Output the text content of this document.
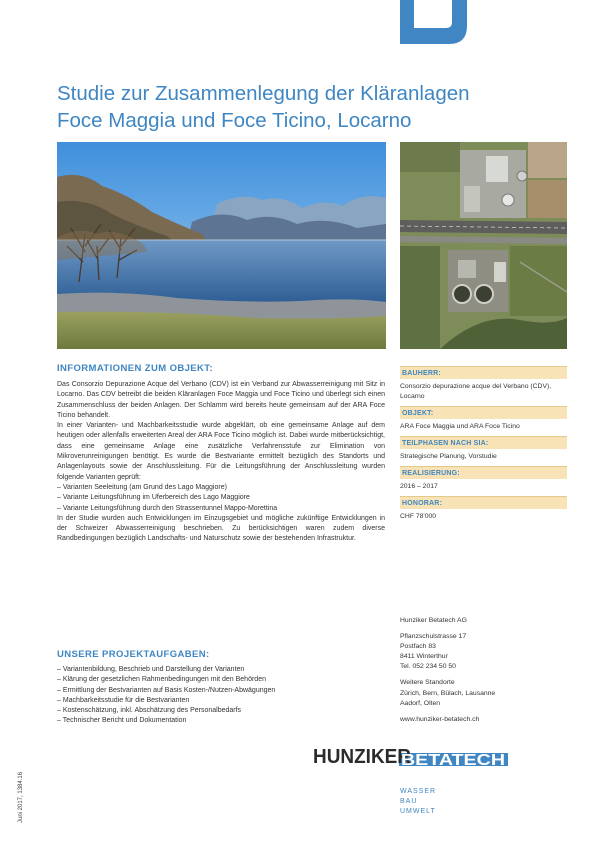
Studie zur Zusammenlegung der Kläranlagen
Foce Maggia und Foce Ticino, Locarno
INFORMATIONEN ZUM OBJEKT:

Das Consorzio Depurazione Acque del Verbano (CDV) ist ein Verband zur Abwasserreinigung mit Sitz in Locarno. Das CDV betreibt die beiden Kläranlagen Foce Maggia und Foce Ticino und überlegt sich einen Zusammenschluss der beiden Anlagen. Der Schlamm wird bereits heute gemeinsam auf der ARA Foce Ticino behandelt.

In einer Varianten- und Machbarkeitsstudie wurde abgeklärt, ob eine gemeinsame Anlage auf dem heutigen oder allenfalls erweiterten Areal der ARA Foce Ticino möglich ist. Dabei wurde mitberücksichtigt, dass eine gemeinsame Anlage eine zusätzliche Verfahrensstufe zur Elimination von Mikroverunreinigungen benötigt. Es wurde die Bestvariante ermittelt bezüglich des Standorts und Anlagenlayouts sowie der Anschlussleitung. Für die Leitungsführung der Anschlussleitung wurden folgende Varianten geprüft:

– Varianten Seeleitung (am Grund des Lago Maggiore)
– Variante Leitungsführung im Uferbereich des Lago Maggiore
– Variante Leitungsführung durch den Strassentunnel Mappo-Morettina

In der Studie wurden auch Entwicklungen im Einzugsgebiet und mögliche zukünftige Entwicklungen in der Schweizer Abwasserreinigung beschrieben. Zu berücksichtigen waren zudem diverse Randbedingungen bezüglich Landschafts- und Naturschutz sowie der bestehenden Infrastruktur.

UNSERE PROJEKTAUFGABEN:
– Variantenbildung, Beschrieb und Darstellung der Varianten
– Klärung der gesetzlichen Rahmenbedingungen mit den Behörden
– Ermittlung der Bestvarianten auf Basis Kosten-/Nutzen-Abwägungen
– Machbarkeitsstudie für die Bestvarianten
– Kostenschätzung, inkl. Abschätzung des Personalbedarfs
– Technischer Bericht und Dokumentation
BAUHERR:
Consorzio depurazione acque del Verbano (CDV), Locarno
OBJEKT:
ARA Foce Maggia und ARA Foce Ticino
TEILPHASEN NACH SIA:
Strategische Planung, Vorstudie
REALISIERUNG:
2016 – 2017
HONORAR:
CHF 78'000
Hunziker Betatech AG
Pflanzschulstrasse 17
Postfach 83
8411 Winterthur
Tel. 052 234 50 50
Weitere Standorte
Zürich, Bern, Bülach, Lausanne
Aadorf, Olten
www.hunziker-betatech.ch
HUNZIKER
BETATECH
WASSER
BAU
UMWELT
Juni 2017, 1384.16
